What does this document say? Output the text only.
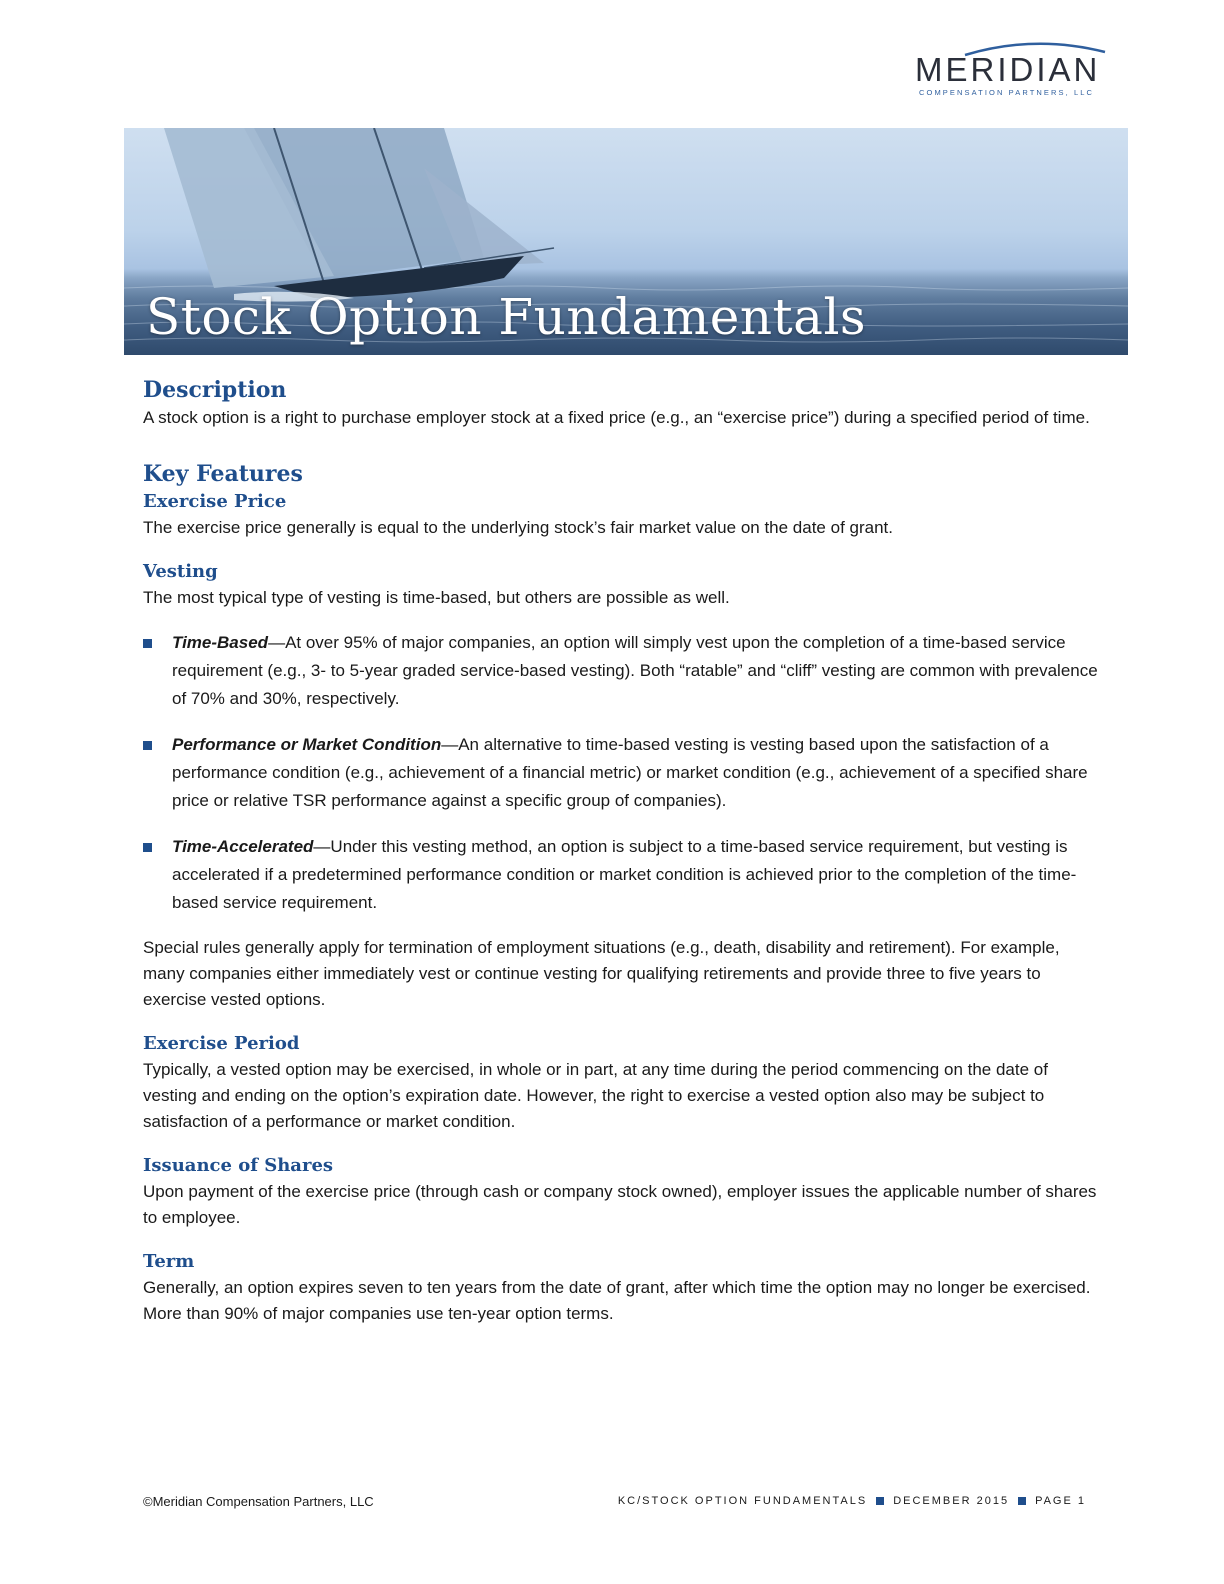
MERIDIAN
COMPENSATION PARTNERS, LLC
Stock Option Fundamentals
Description

A stock option is a right to purchase employer stock at a fixed price (e.g., an “exercise price”) during a specified period of time.

Key Features
Exercise Price

The exercise price generally is equal to the underlying stock’s fair market value on the date of grant.

Vesting

The most typical type of vesting is time-based, but others are possible as well.

Time-Based—At over 95% of major companies, an option will simply vest upon the completion of a time-based service requirement (e.g., 3- to 5-year graded service-based vesting). Both “ratable” and “cliff” vesting are common with prevalence of 70% and 30%, respectively.
Performance or Market Condition—An alternative to time-based vesting is vesting based upon the satisfaction of a performance condition (e.g., achievement of a financial metric) or market condition (e.g., achievement of a specified share price or relative TSR performance against a specific group of companies).
Time-Accelerated—Under this vesting method, an option is subject to a time-based service requirement, but vesting is accelerated if a predetermined performance condition or market condition is achieved prior to the completion of the time-based service requirement.

Special rules generally apply for termination of employment situations (e.g., death, disability and retirement). For example, many companies either immediately vest or continue vesting for qualifying retirements and provide three to five years to exercise vested options.

Exercise Period

Typically, a vested option may be exercised, in whole or in part, at any time during the period commencing on the date of vesting and ending on the option’s expiration date. However, the right to exercise a vested option also may be subject to satisfaction of a performance or market condition.

Issuance of Shares

Upon payment of the exercise price (through cash or company stock owned), employer issues the applicable number of shares to employee.

Term

Generally, an option expires seven to ten years from the date of grant, after which time the option may no longer be exercised. More than 90% of major companies use ten-year option terms.

©Meridian Compensation Partners, LLC	KC/STOCK OPTION FUNDAMENTALS DECEMBER 2015 PAGE 1
